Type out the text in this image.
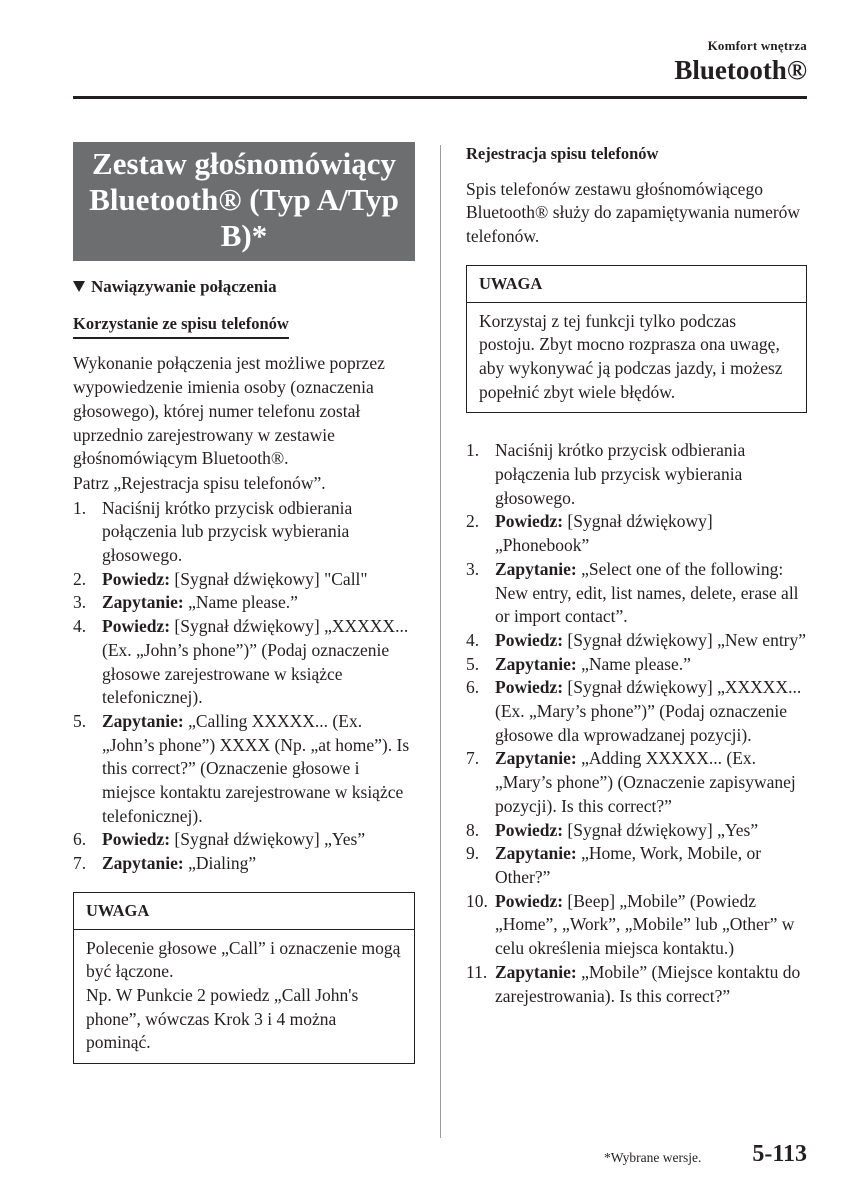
Komfort wnętrza
Bluetooth®
Zestaw głośnomówiący
Bluetooth® (Typ A/Typ
B)*
Nawiązywanie połączenia
Korzystanie ze spisu telefonów

Wykonanie połączenia jest możliwe poprzez wypowiedzenie imienia osoby (oznaczenia głosowego), której numer telefonu został uprzednio zarejestrowany w zestawie głośnomówiącym Bluetooth®.

Patrz „Rejestracja spisu telefonów”.

1. Naciśnij krótko przycisk odbierania połączenia lub przycisk wybierania głosowego.
2. Powiedz: [Sygnał dźwiękowy] "Call"
3. Zapytanie: „Name please.”
4. Powiedz: [Sygnał dźwiękowy] „XXXXX... (Ex. „John’s phone”)” (Podaj oznaczenie głosowe zarejestrowane w książce telefonicznej).
5. Zapytanie: „Calling XXXXX... (Ex. „John’s phone”) XXXX (Np. „at home”). Is this correct?” (Oznaczenie głosowe i miejsce kontaktu zarejestrowane w książce telefonicznej).
6. Powiedz: [Sygnał dźwiękowy] „Yes”
7. Zapytanie: „Dialing”
UWAGA

Polecenie głosowe „Call” i oznaczenie mogą być łączone.

Np. W Punkcie 2 powiedz „Call John's phone”, wówczas Krok 3 i 4 można pominąć.

Rejestracja spisu telefonów

Spis telefonów zestawu głośnomówiącego Bluetooth® służy do zapamiętywania numerów telefonów.

UWAGA

Korzystaj z tej funkcji tylko podczas postoju. Zbyt mocno rozprasza ona uwagę, aby wykonywać ją podczas jazdy, i możesz popełnić zbyt wiele błędów.

1. Naciśnij krótko przycisk odbierania połączenia lub przycisk wybierania głosowego.
2. Powiedz: [Sygnał dźwiękowy] „Phonebook”
3. Zapytanie: „Select one of the following: New entry, edit, list names, delete, erase all or import contact”.
4. Powiedz: [Sygnał dźwiękowy] „New entry”
5. Zapytanie: „Name please.”
6. Powiedz: [Sygnał dźwiękowy] „XXXXX... (Ex. „Mary’s phone”)” (Podaj oznaczenie głosowe dla wprowadzanej pozycji).
7. Zapytanie: „Adding XXXXX... (Ex. „Mary’s phone”) (Oznaczenie zapisywanej pozycji). Is this correct?”
8. Powiedz: [Sygnał dźwiękowy] „Yes”
9. Zapytanie: „Home, Work, Mobile, or Other?”
10. Powiedz: [Beep] „Mobile” (Powiedz „Home”, „Work”, „Mobile” lub „Other” w celu określenia miejsca kontaktu.)
11. Zapytanie: „Mobile” (Miejsce kontaktu do zarejestrowania). Is this correct?”
*Wybrane wersje. 5-113
